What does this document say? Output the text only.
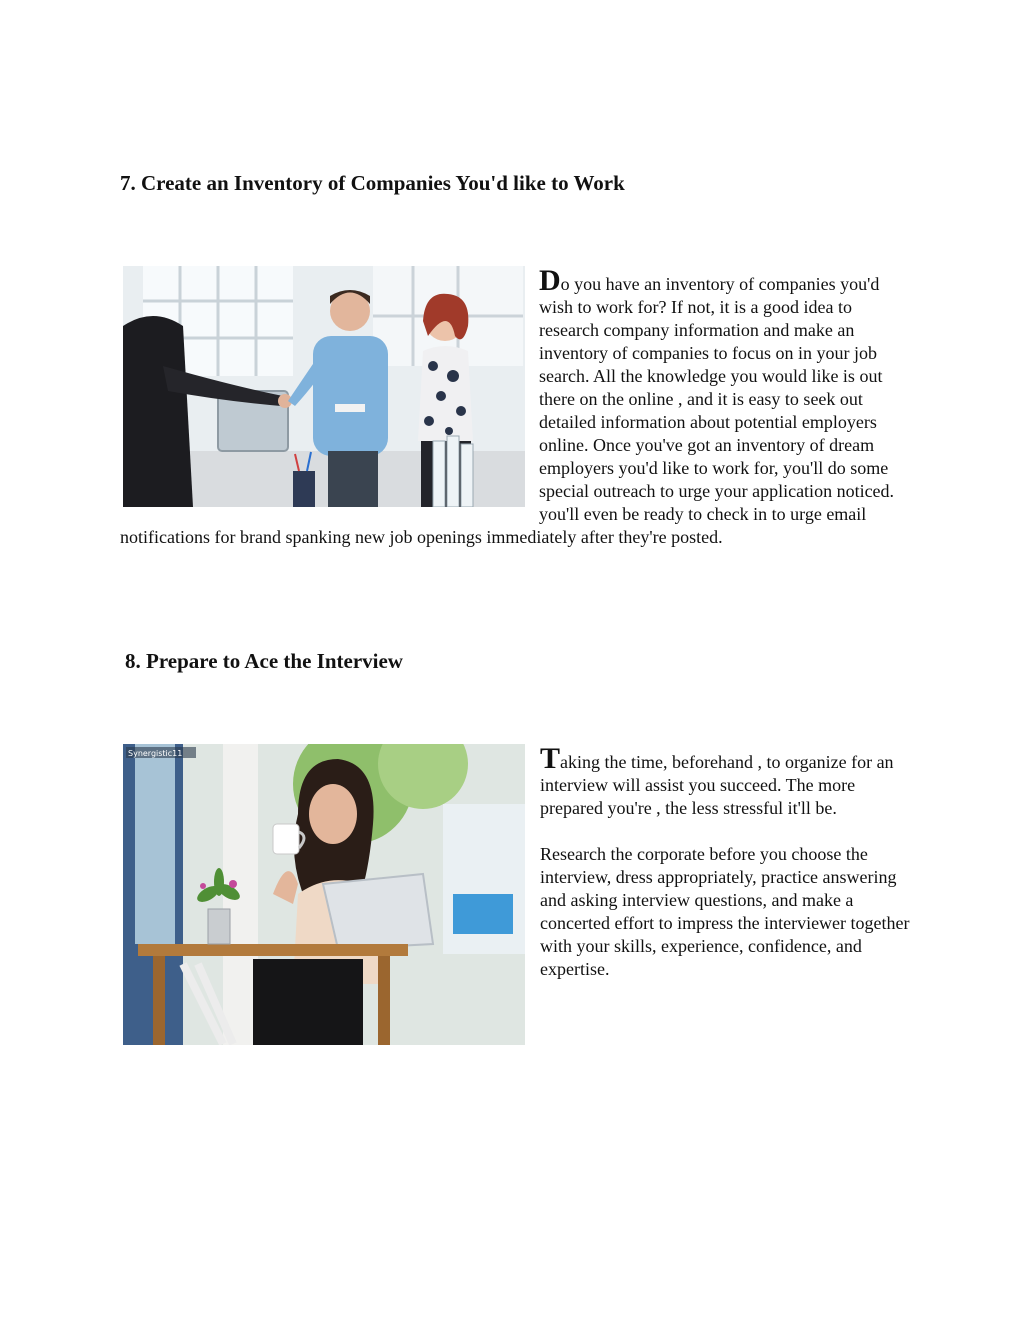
7. Create an Inventory of Companies You'd like to Work
Do you have an inventory of companies you'd wish to work for? If not, it is a good idea to research company information and make an inventory of companies to focus on in your job search. All the knowledge you would like is out there on the online , and it is easy to seek out detailed information about potential employers online. Once you've got an inventory of dream employers you'd like to work for, you'll do some special outreach to urge your application noticed. you'll even be ready to check in to urge email notifications for brand spanking new job openings immediately after they're posted.
8. Prepare to Ace the Interview
Synergistic11	Taking the time, beforehand , to organize for an interview will assist you succeed. The more prepared you're , the less stressful it'll be.

Research the corporate before you choose the interview, dress appropriately, practice answering and asking interview questions, and make a concerted effort to impress the interviewer together with your skills, experience, confidence, and expertise.
